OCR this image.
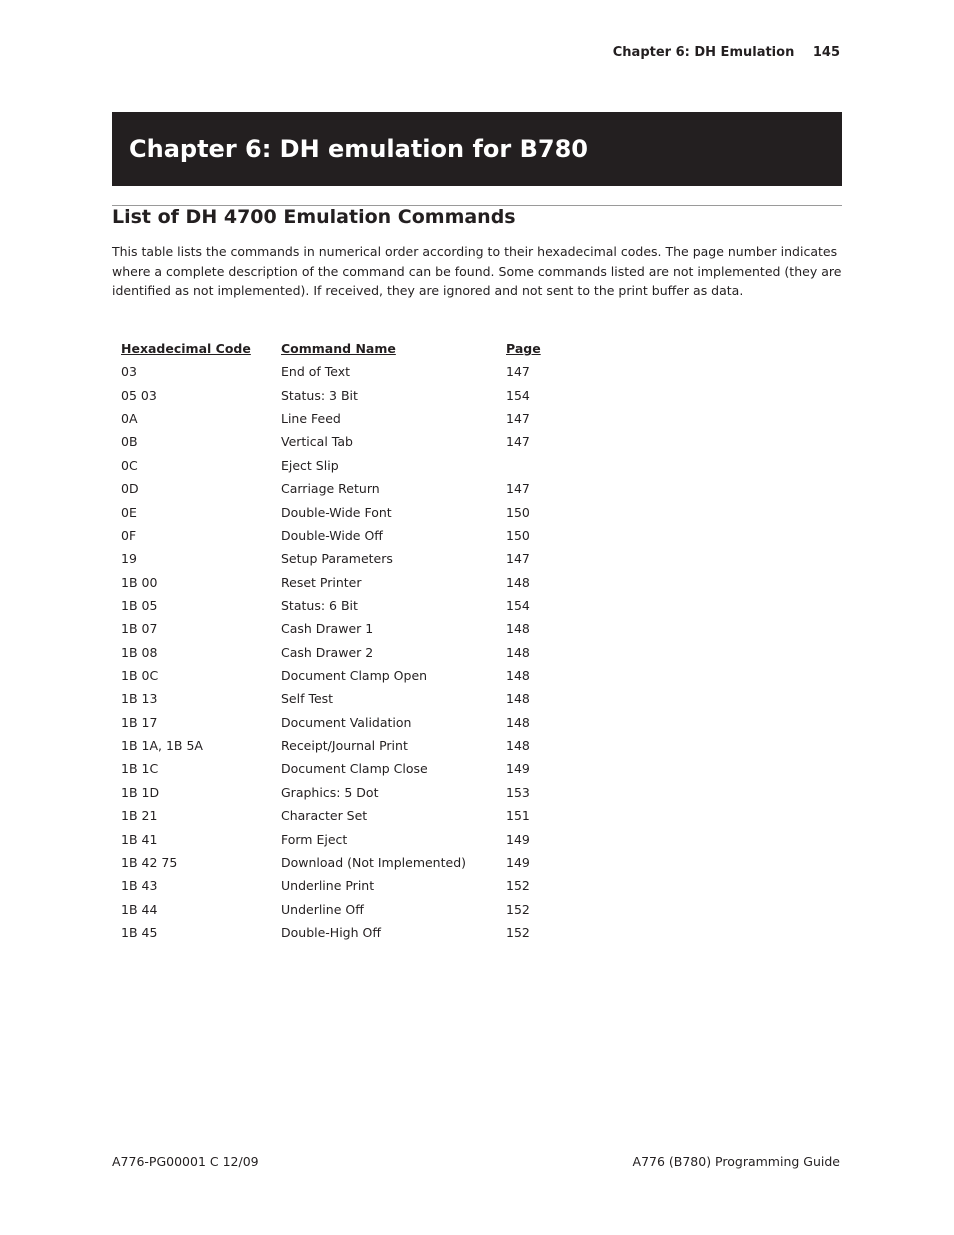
Chapter 6: DH Emulation 145
Chapter 6: DH emulation for B780
List of DH 4700 Emulation Commands

This table lists the commands in numerical order according to their hexadecimal codes. The page number indicates where a complete description of the command can be found. Some commands listed are not implemented (they are identified as not implemented). If received, they are ignored and not sent to the print buffer as data.

Hexadecimal Code	Command Name	Page
03	End of Text	147
05 03	Status: 3 Bit	154
0A	Line Feed	147
0B	Vertical Tab	147
0C	Eject Slip	
0D	Carriage Return	147
0E	Double-Wide Font	150
0F	Double-Wide Off	150
19	Setup Parameters	147
1B 00	Reset Printer	148
1B 05	Status: 6 Bit	154
1B 07	Cash Drawer 1	148
1B 08	Cash Drawer 2	148
1B 0C	Document Clamp Open	148
1B 13	Self Test	148
1B 17	Document Validation	148
1B 1A, 1B 5A	Receipt/Journal Print	148
1B 1C	Document Clamp Close	149
1B 1D	Graphics: 5 Dot	153
1B 21	Character Set	151
1B 41	Form Eject	149
1B 42 75	Download (Not Implemented)	149
1B 43	Underline Print	152
1B 44	Underline Off	152
1B 45	Double-High Off	152
A776-PG00001 C 12/09	A776 (B780) Programming Guide
